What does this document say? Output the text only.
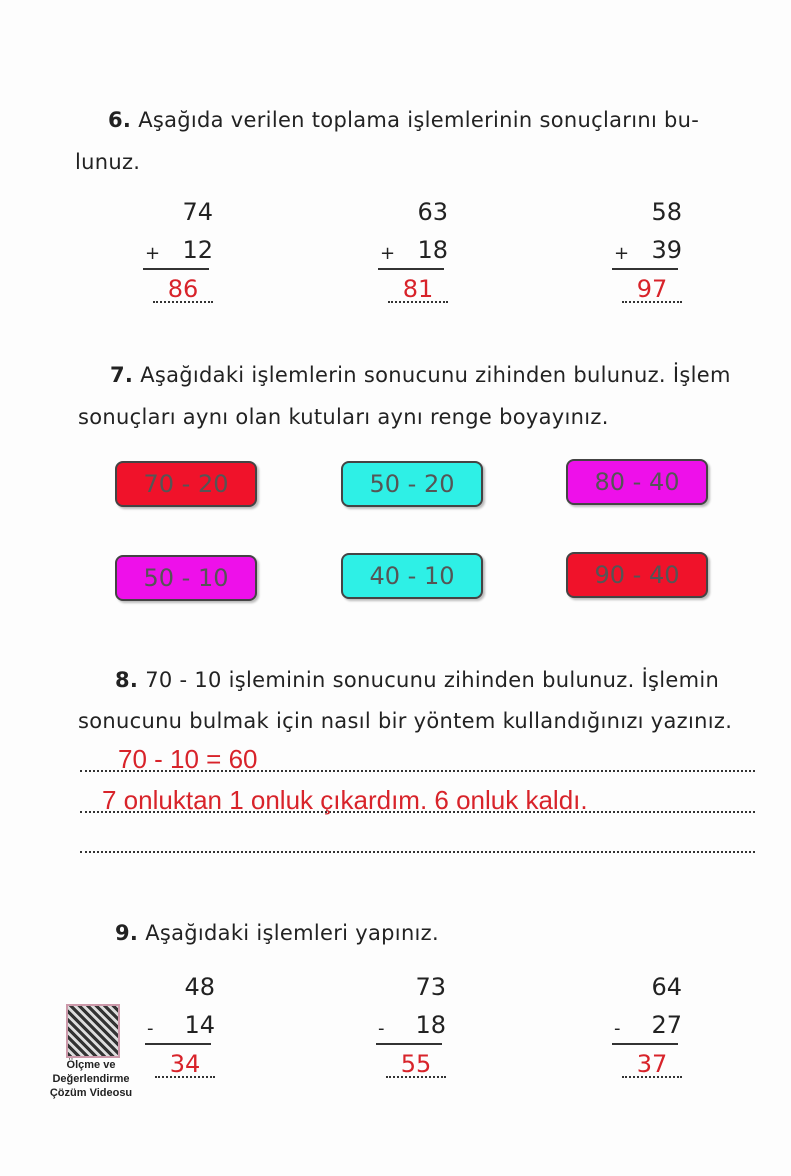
6. Aşağıda verilen toplama işlemlerinin sonuçlarını bu-
lunuz.
74
+ 12
86
63
+ 18
81
58
+ 39
97
7. Aşağıdaki işlemlerin sonucunu zihinden bulunuz. İşlem
sonuçları aynı olan kutuları aynı renge boyayınız.
70 - 20	50 - 20	80 - 40
50 - 10	40 - 10	90 - 40
8. 70 - 10 işleminin sonucunu zihinden bulunuz. İşlemin
sonucunu bulmak için nasıl bir yöntem kullandığınızı yazınız.
70 - 10 = 60
7 onluktan 1 onluk çıkardım. 6 onluk kaldı.
9. Aşağıdaki işlemleri yapınız.
48
-	14
34
73
-	18
55
64
-	27
37
Ölçme ve
Değerlendirme
Çözüm Videosu
